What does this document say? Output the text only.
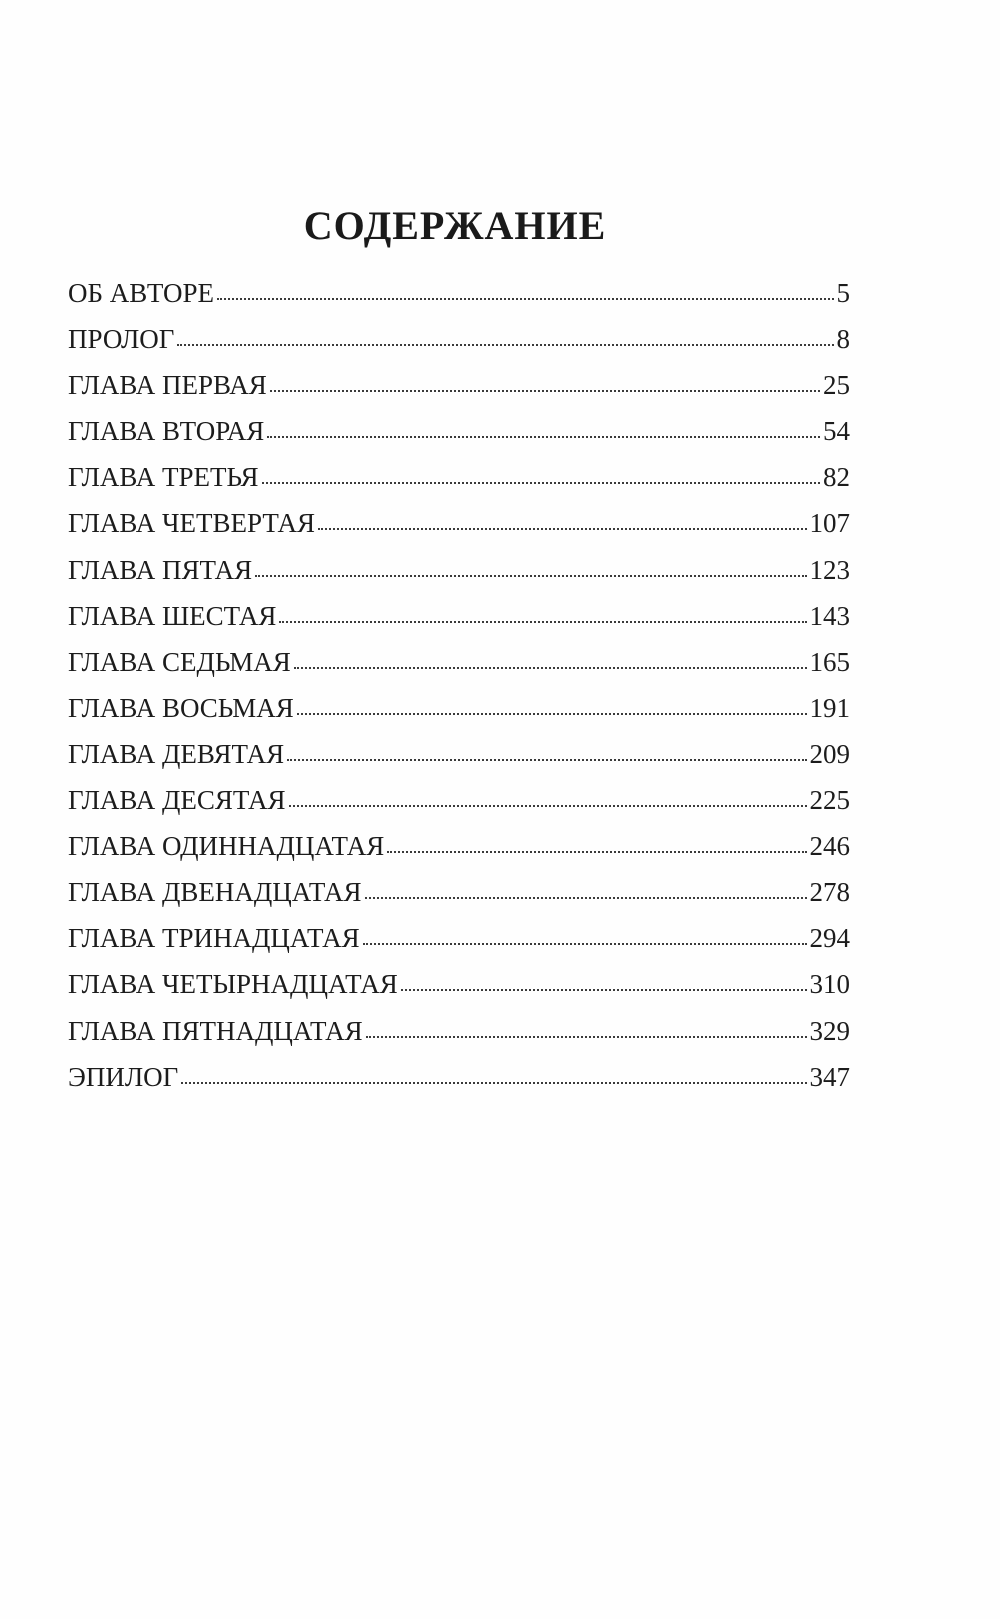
СОДЕРЖАНИЕ
ОБ АВТОРЕ	5
ПРОЛОГ	8
ГЛАВА ПЕРВАЯ	25
ГЛАВА ВТОРАЯ	54
ГЛАВА ТРЕТЬЯ	82
ГЛАВА ЧЕТВЕРТАЯ	107
ГЛАВА ПЯТАЯ	123
ГЛАВА ШЕСТАЯ	143
ГЛАВА СЕДЬМАЯ	165
ГЛАВА ВОСЬМАЯ	191
ГЛАВА ДЕВЯТАЯ	209
ГЛАВА ДЕСЯТАЯ	225
ГЛАВА ОДИННАДЦАТАЯ	246
ГЛАВА ДВЕНАДЦАТАЯ	278
ГЛАВА ТРИНАДЦАТАЯ	294
ГЛАВА ЧЕТЫРНАДЦАТАЯ	310
ГЛАВА ПЯТНАДЦАТАЯ	329
ЭПИЛОГ	347
